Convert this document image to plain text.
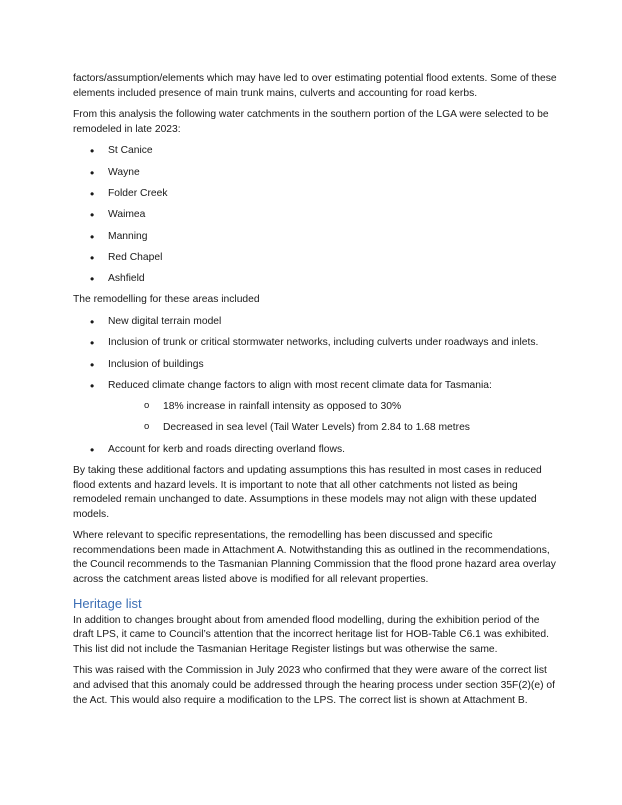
factors/assumption/elements which may have led to over estimating potential flood extents. Some of these elements included presence of main trunk mains, culverts and accounting for road kerbs.

From this analysis the following water catchments in the southern portion of the LGA were selected to be remodeled in late 2023:

• St Canice
• Wayne
• Folder Creek
• Waimea
• Manning
• Red Chapel
• Ashfield

The remodelling for these areas included

• New digital terrain model
• Inclusion of trunk or critical stormwater networks, including culverts under roadways and inlets.
• Inclusion of buildings
• Reduced climate change factors to align with most recent climate data for Tasmania:
o 18% increase in rainfall intensity as opposed to 30%
o Decreased in sea level (Tail Water Levels) from 2.84 to 1.68 metres
• Account for kerb and roads directing overland flows.

By taking these additional factors and updating assumptions this has resulted in most cases in reduced flood extents and hazard levels. It is important to note that all other catchments not listed as being remodeled remain unchanged to date. Assumptions in these models may not align with these updated models.

Where relevant to specific representations, the remodelling has been discussed and specific recommendations been made in Attachment A. Notwithstanding this as outlined in the recommendations, the Council recommends to the Tasmanian Planning Commission that the flood prone hazard area overlay across the catchment areas listed above is modified for all relevant properties.

Heritage list

In addition to changes brought about from amended flood modelling, during the exhibition period of the draft LPS, it came to Council’s attention that the incorrect heritage list for HOB-Table C6.1 was exhibited. This list did not include the Tasmanian Heritage Register listings but was otherwise the same.

This was raised with the Commission in July 2023 who confirmed that they were aware of the correct list and advised that this anomaly could be addressed through the hearing process under section 35F(2)(e) of the Act. This would also require a modification to the LPS. The correct list is shown at Attachment B.
